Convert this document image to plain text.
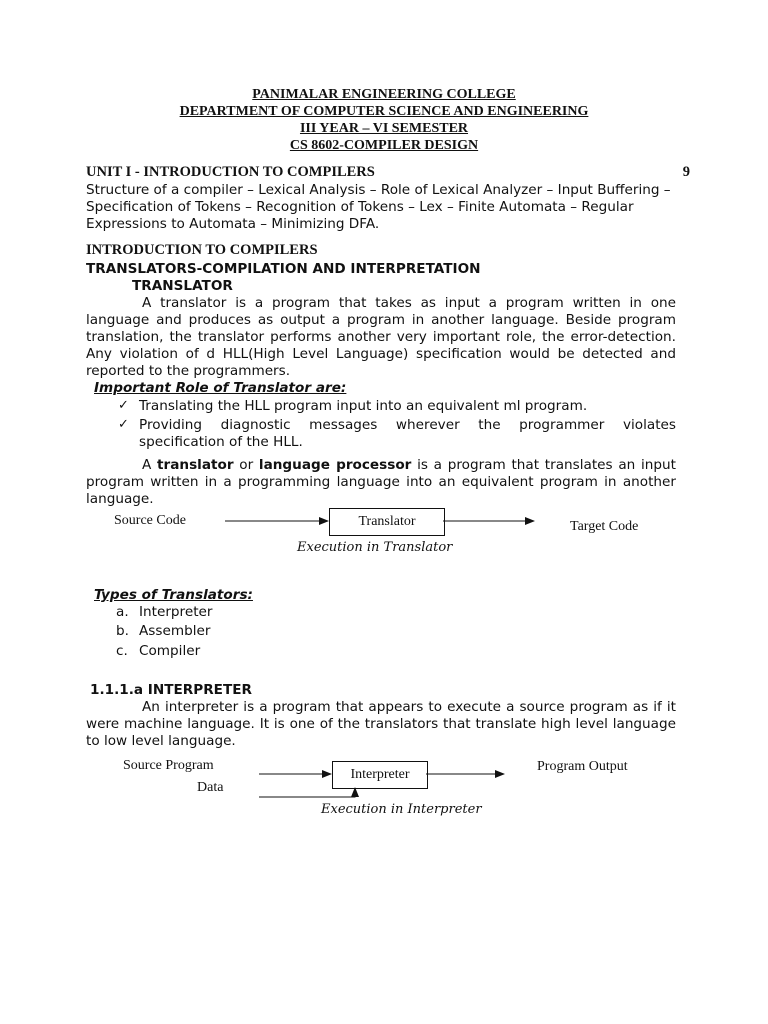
PANIMALAR ENGINEERING COLLEGE
DEPARTMENT OF COMPUTER SCIENCE AND ENGINEERING
III YEAR – VI SEMESTER
CS 8602-COMPILER DESIGN
UNIT I - INTRODUCTION TO COMPILERS	9
Structure of a compiler – Lexical Analysis – Role of Lexical Analyzer – Input Buffering – Specification of Tokens – Recognition of Tokens – Lex – Finite Automata – Regular Expressions to Automata – Minimizing DFA.
INTRODUCTION TO COMPILERS
TRANSLATORS-COMPILATION AND INTERPRETATION
TRANSLATOR
A translator is a program that takes as input a program written in one language and produces as output a program in another language. Beside program translation, the translator performs another very important role, the error-detection. Any violation of d HLL(High Level Language) specification would be detected and reported to the programmers.
Important Role of Translator are:
✓ Translating the HLL program input into an equivalent ml program.
✓ Providing diagnostic messages wherever the programmer violates specification of the HLL.
A translator or language processor is a program that translates an input program written in a programming language into an equivalent program in another language.
Source Code	Translator	Target Code
Execution in Translator
Types of Translators:
a. Interpreter
b. Assembler
c. Compiler
1.1.1.a INTERPRETER
An interpreter is a program that appears to execute a source program as if it were machine language. It is one of the translators that translate high level language to low level language.
Source Program
Data
Interpreter
Program Output
Execution in Interpreter
